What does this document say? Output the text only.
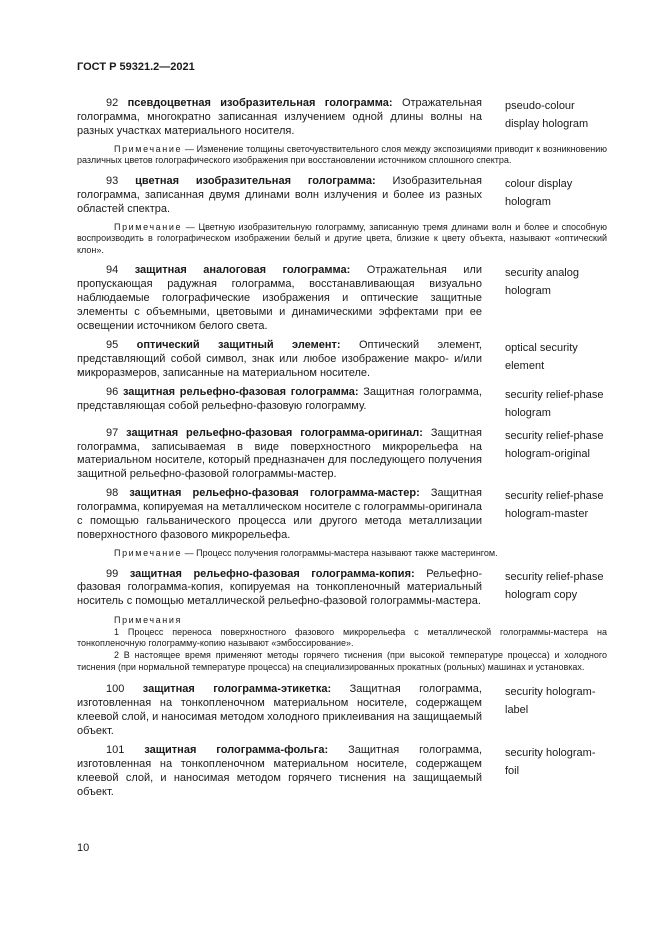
ГОСТ Р 59321.2—2021

92 псевдоцветная изобразительная голограмма: Отражательная голограмма, многократно записанная излучением одной длины волны на разных участках материального носителя.

pseudo-colour display hologram

Примечание — Изменение толщины светочувствительного слоя между экспозициями приводит к возникновению различных цветов голографического изображения при восстановлении источником сплошного спектра.

93 цветная изобразительная голограмма: Изобразительная голограмма, записанная двумя длинами волн излучения и более из разных областей спектра.

colour display hologram

Примечание — Цветную изобразительную голограмму, записанную тремя длинами волн и более и способную воспроизводить в голографическом изображении белый и другие цвета, близкие к цвету объекта, называют «оптический клон».

94 защитная аналоговая голограмма: Отражательная или пропускающая радужная голограмма, восстанавливающая визуально наблюдаемые голографические изображения и оптические защитные элементы с объемными, цветовыми и динамическими эффектами при ее освещении источником белого света.

security analog hologram

95 оптический защитный элемент: Оптический элемент, представляющий собой символ, знак или любое изображение макро- и/или микроразмеров, записанные на материальном носителе.

optical security element

96 защитная рельефно-фазовая голограмма: Защитная голограмма, представляющая собой рельефно-фазовую голограмму.

security relief-phase hologram

97 защитная рельефно-фазовая голограмма-оригинал: Защитная голограмма, записываемая в виде поверхностного микрорельефа на материальном носителе, который предназначен для последующего получения защитной рельефно-фазовой голограммы-мастер.

security relief-phase hologram-original

98 защитная рельефно-фазовая голограмма-мастер: Защитная голограмма, копируемая на металлическом носителе с голограммы-оригинала с помощью гальванического процесса или другого метода металлизации поверхностного фазового микрорельефа.

security relief-phase hologram-master

Примечание — Процесс получения голограммы-мастера называют также мастерингом.

99 защитная рельефно-фазовая голограмма-копия: Рельефно-фазовая голограмма-копия, копируемая на тонкопленочный материальный носитель с помощью металлической рельефно-фазовой голограммы-мастера.

security relief-phase hologram copy

Примечания

1 Процесс переноса поверхностного фазового микрорельефа с металлической голограммы-мастера на тонкопленочную голограмму-копию называют «эмбоссирование».

2 В настоящее время применяют методы горячего тиснения (при высокой температуре процесса) и холодного тиснения (при нормальной температуре процесса) на специализированных прокатных (рольных) машинах и установках.

100 защитная голограмма-этикетка: Защитная голограмма, изготовленная на тонкопленочном материальном носителе, содержащем клеевой слой, и наносимая методом холодного приклеивания на защищаемый объект.

security hologram-label

101 защитная голограмма-фольга: Защитная голограмма, изготовленная на тонкопленочном материальном носителе, содержащем клеевой слой, и наносимая методом горячего тиснения на защищаемый объект.

security hologram-foil
10
